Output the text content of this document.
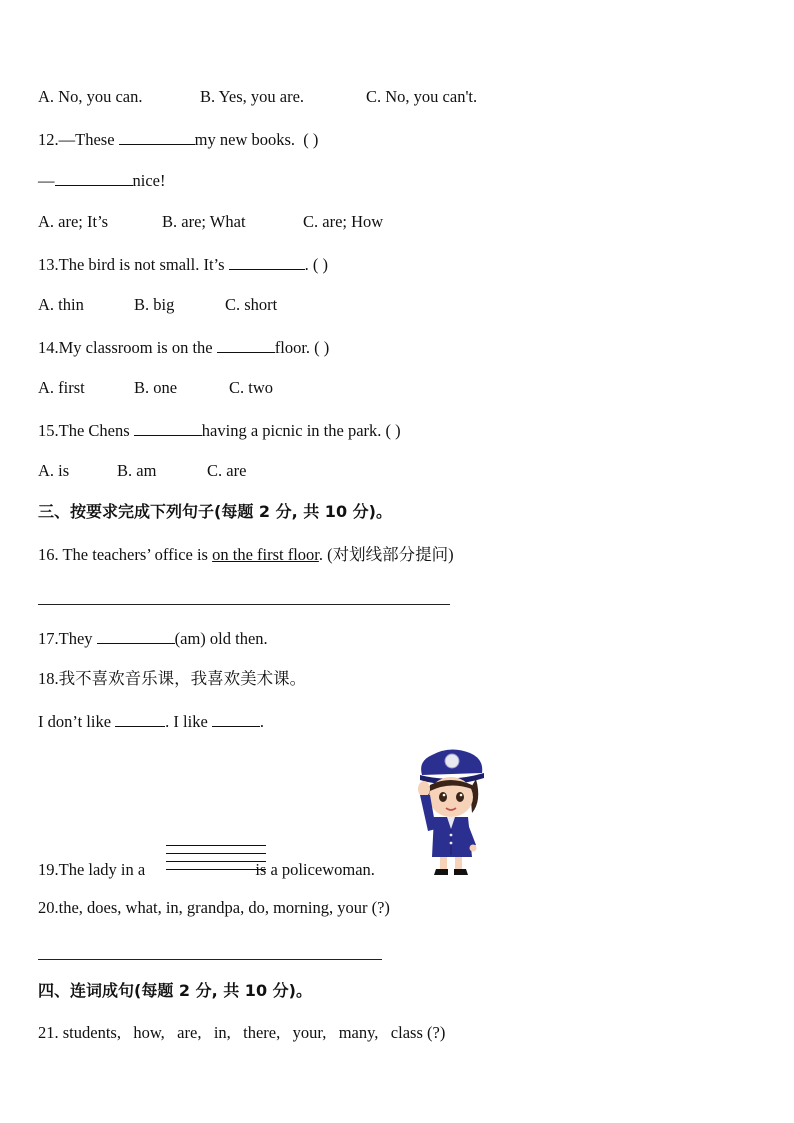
A. No, you can.	B. Yes, you are.	C. No, you can't.
12.—These	my new books. ( )
—	nice!
A. are; It’s	B. are; What	C. are; How
13.The bird is not small. It’s	. ( )
A. thin	B. big	C. short
14.My classroom is on the	floor. ( )
A. first	B. one	C. two
15.The Chens	having a picnic in the park. ( )
A. is	B. am	C. are
三、按要求完成下列句子(每题 2 分, 共 10 分)。
16. The teachers’ office is on the first floor. (对划线部分提问)
17.They	(am) old then.
18.我不喜欢音乐课，我喜欢美术课。
I don’t like	. I like	.
19.The lady in a	is a policewoman.
20.the, does, what, in, grandpa, do, morning, your (?)
四、连词成句(每题 2 分, 共 10 分)。
21. students,   how,   are,   in,   there,   your,   many,   class (?)
